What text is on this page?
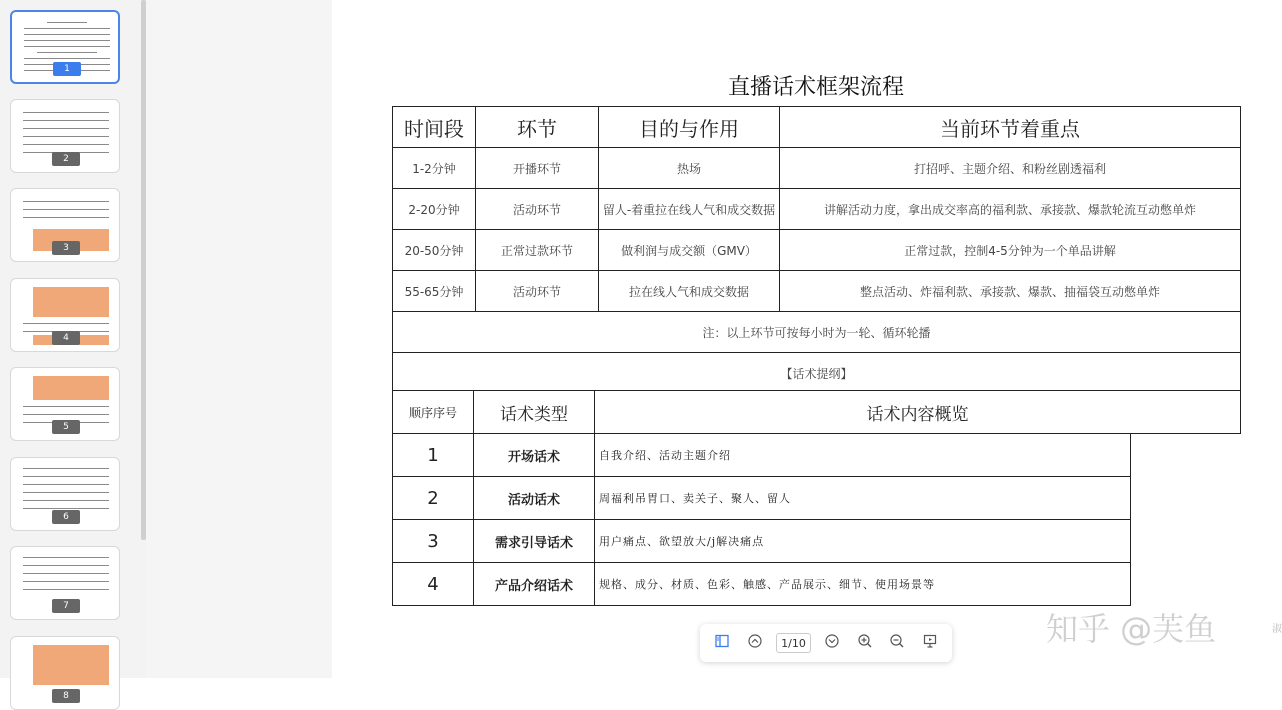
1
2
3
4
5
6
7
8
直播话术框架流程
时间段	环节	目的与作用	当前环节着重点
1-2分钟	开播环节	热场	打招呼、主题介绍、和粉丝剧透福利
2-20分钟	活动环节	留人-着重拉在线人气和成交数据	讲解活动力度，拿出成交率高的福利款、承接款、爆款轮流互动憋单炸
20-50分钟	正常过款环节	做利润与成交额（GMV）	正常过款，控制4-5分钟为一个单品讲解
55-65分钟	活动环节	拉在线人气和成交数据	整点活动、炸福利款、承接款、爆款、抽福袋互动憋单炸
注：以上环节可按每小时为一轮、循环轮播			
【话术提纲】			
顺序序号	话术类型	话术内容概览	
1	开场话术	自我介绍、活动主题介绍	
2	活动话术	周福利吊胃口、卖关子、聚人、留人	
3	需求引导话术	用户痛点、欲望放大/j解决痛点	
4	产品介绍话术	规格、成分、材质、色彩、触感、产品展示、细节、使用场景等	
知乎 @芙鱼	淑
1/10
